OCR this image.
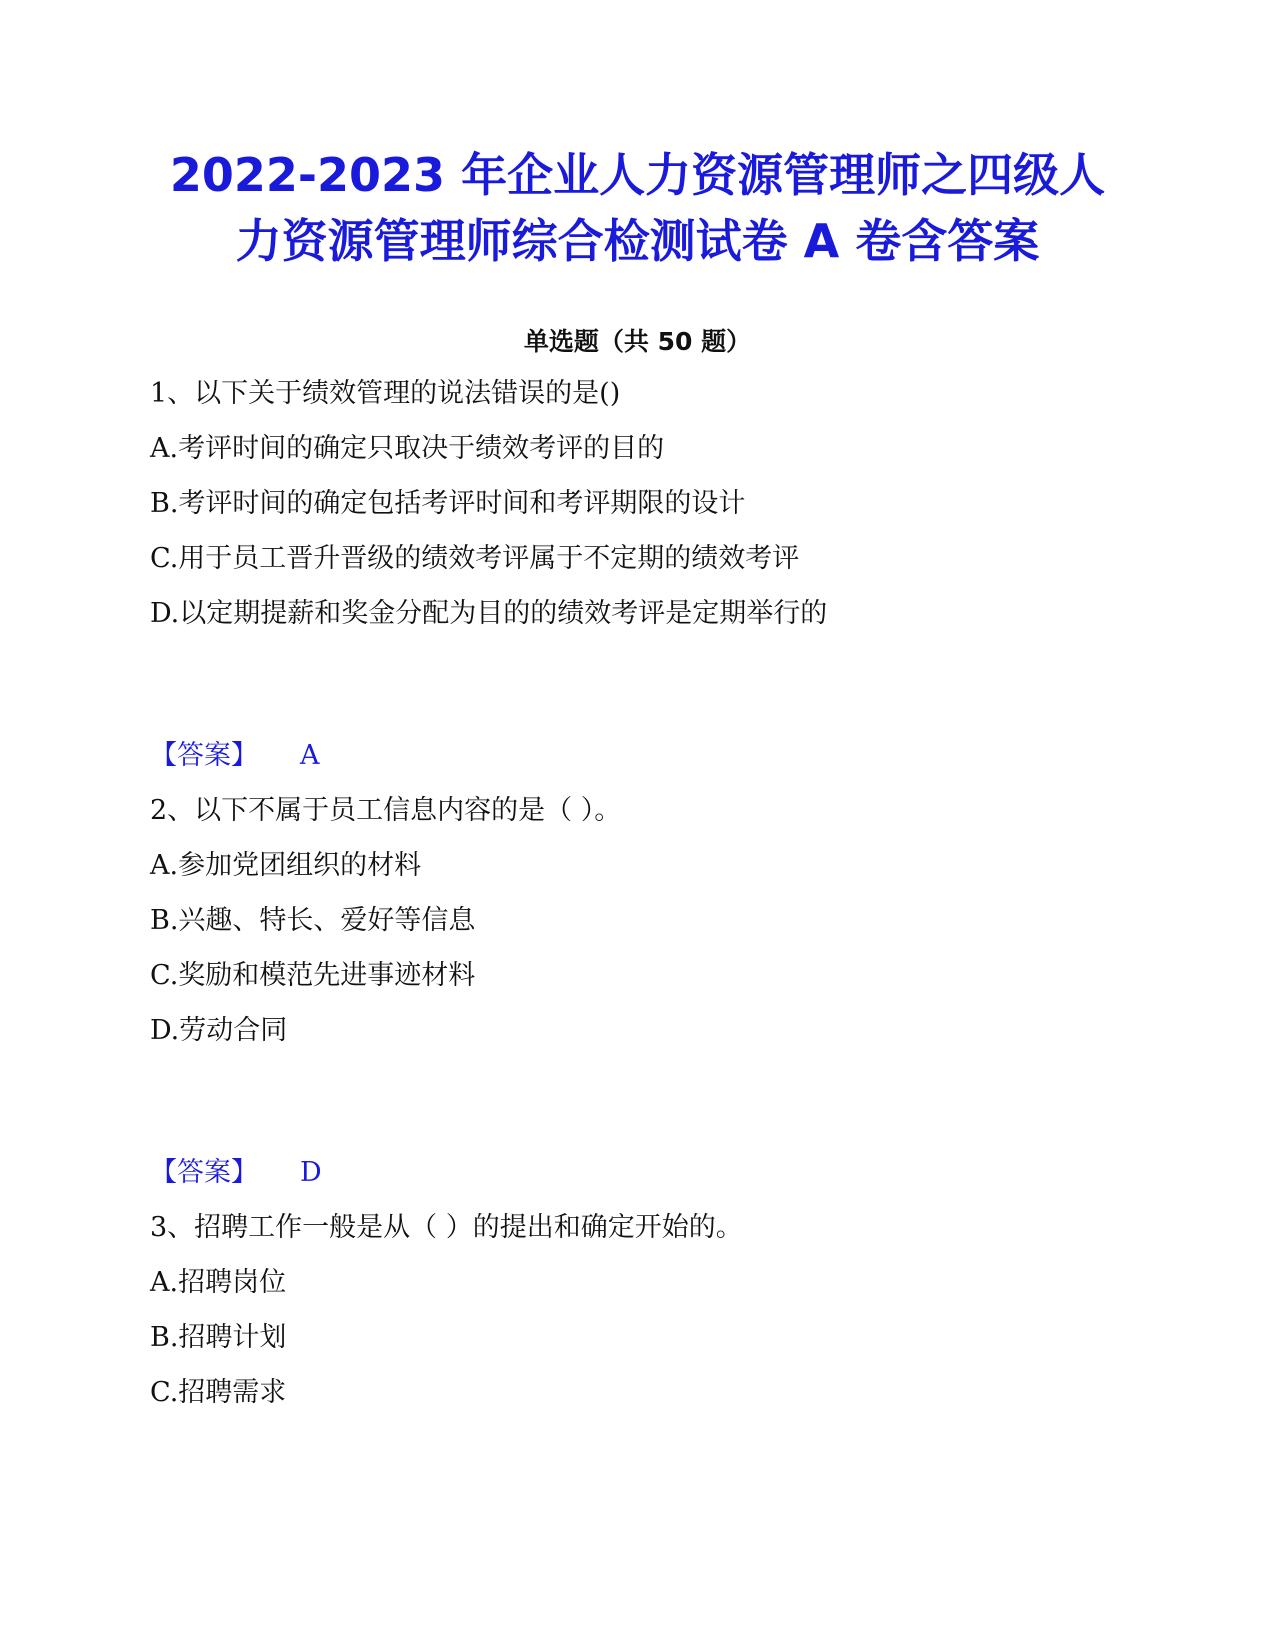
2022-2023 年企业人力资源管理师之四级人
力资源管理师综合检测试卷 A 卷含答案
单选题（共 50 题）
1、以下关于绩效管理的说法错误的是()
A.考评时间的确定只取决于绩效考评的目的
B.考评时间的确定包括考评时间和考评期限的设计
C.用于员工晋升晋级的绩效考评属于不定期的绩效考评
D.以定期提薪和奖金分配为目的的绩效考评是定期举行的
【答案】 A
2、以下不属于员工信息内容的是（ ）。
A.参加党团组织的材料
B.兴趣、特长、爱好等信息
C.奖励和模范先进事迹材料
D.劳动合同
【答案】 D
3、招聘工作一般是从（ ）的提出和确定开始的。
A.招聘岗位
B.招聘计划
C.招聘需求
